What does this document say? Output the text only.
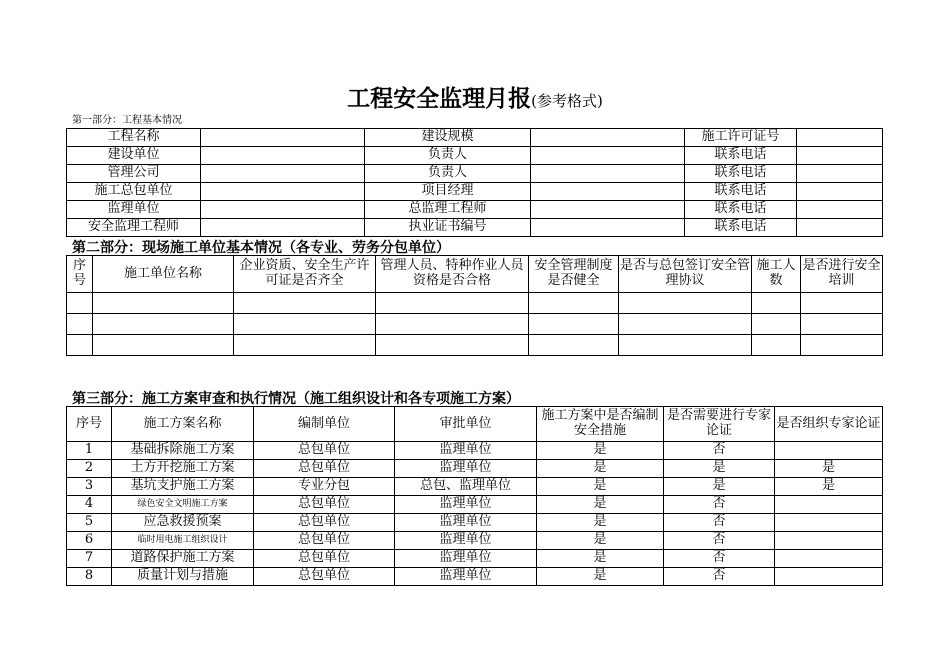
工程安全监理月报(参考格式)
第一部分：工程基本情况
工程名称		建设规模		施工许可证号	
建设单位		负责人		联系电话	
管理公司		负责人		联系电话	
施工总包单位		项目经理		联系电话	
监理单位		总监理工程师		联系电话	
安全监理工程师		执业证书编号		联系电话	
第二部分：现场施工单位基本情况（各专业、劳务分包单位）
序号	施工单位名称	企业资质、安全生产许可证是否齐全	管理人员、特种作业人员资格是否合格	安全管理制度是否健全	是否与总包签订安全管理协议	施工人数	是否进行安全培训

第三部分：施工方案审查和执行情况（施工组织设计和各专项施工方案）
序号	施工方案名称	编制单位	审批单位	施工方案中是否编制安全措施	是否需要进行专家论证	是否组织专家论证
1	基础拆除施工方案	总包单位	监理单位	是	否	
2	土方开挖施工方案	总包单位	监理单位	是	是	是
3	基坑支护施工方案	专业分包	总包、监理单位	是	是	是
4	绿色安全文明施工方案	总包单位	监理单位	是	否	
5	应急救援预案	总包单位	监理单位	是	否	
6	临时用电施工组织设计	总包单位	监理单位	是	否	
7	道路保护施工方案	总包单位	监理单位	是	否	
8	质量计划与措施	总包单位	监理单位	是	否	
